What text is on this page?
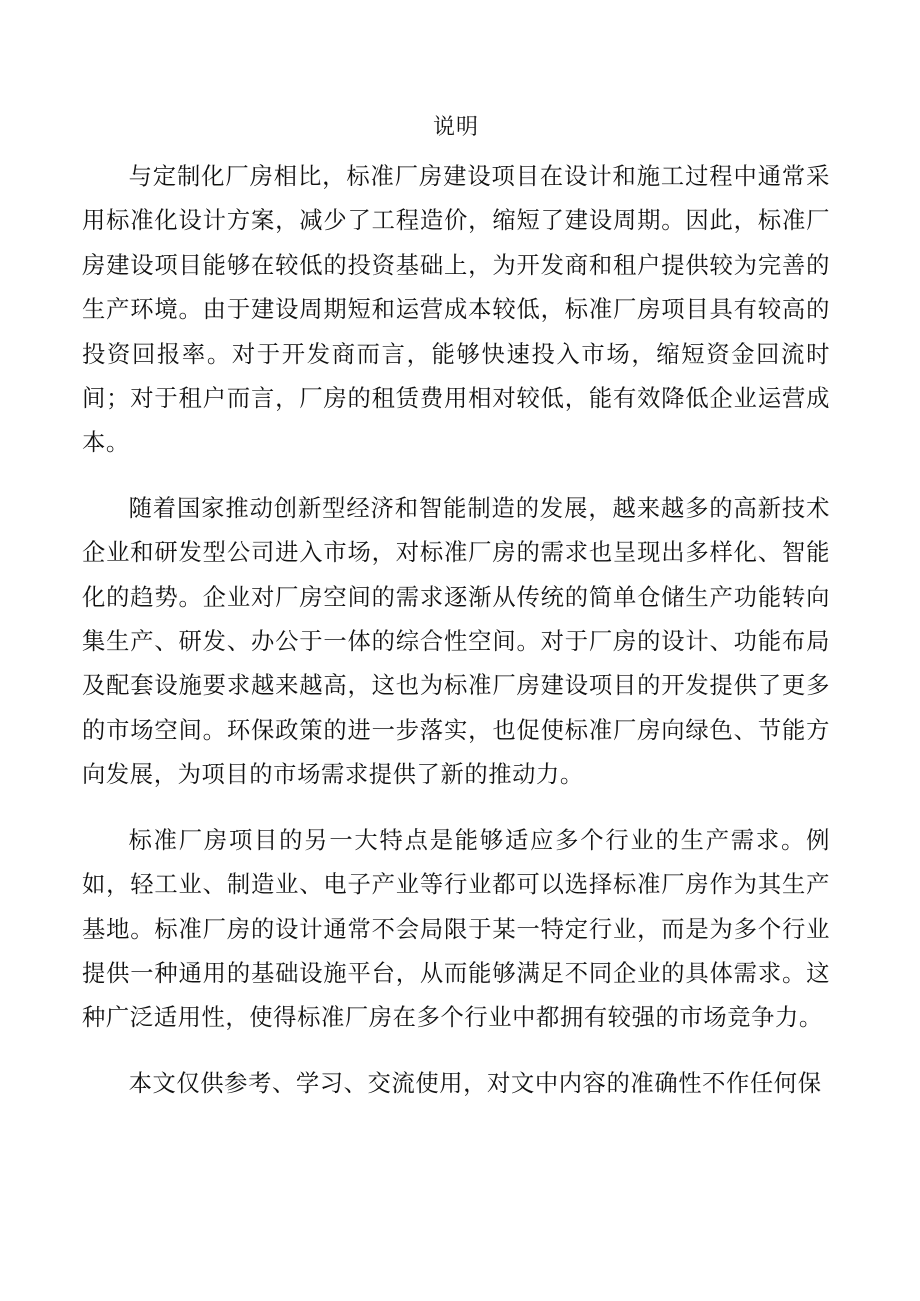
说明

与定制化厂房相比，标准厂房建设项目在设计和施工过程中通常采用标准化设计方案，减少了工程造价，缩短了建设周期。因此，标准厂房建设项目能够在较低的投资基础上，为开发商和租户提供较为完善的生产环境。由于建设周期短和运营成本较低，标准厂房项目具有较高的投资回报率。对于开发商而言，能够快速投入市场，缩短资金回流时间；对于租户而言，厂房的租赁费用相对较低，能有效降低企业运营成本。

随着国家推动创新型经济和智能制造的发展，越来越多的高新技术企业和研发型公司进入市场，对标准厂房的需求也呈现出多样化、智能化的趋势。企业对厂房空间的需求逐渐从传统的简单仓储生产功能转向集生产、研发、办公于一体的综合性空间。对于厂房的设计、功能布局及配套设施要求越来越高，这也为标准厂房建设项目的开发提供了更多的市场空间。环保政策的进一步落实，也促使标准厂房向绿色、节能方向发展，为项目的市场需求提供了新的推动力。

标准厂房项目的另一大特点是能够适应多个行业的生产需求。例如，轻工业、制造业、电子产业等行业都可以选择标准厂房作为其生产基地。标准厂房的设计通常不会局限于某一特定行业，而是为多个行业提供一种通用的基础设施平台，从而能够满足不同企业的具体需求。这种广泛适用性，使得标准厂房在多个行业中都拥有较强的市场竞争力。

本文仅供参考、学习、交流使用，对文中内容的准确性不作任何保
